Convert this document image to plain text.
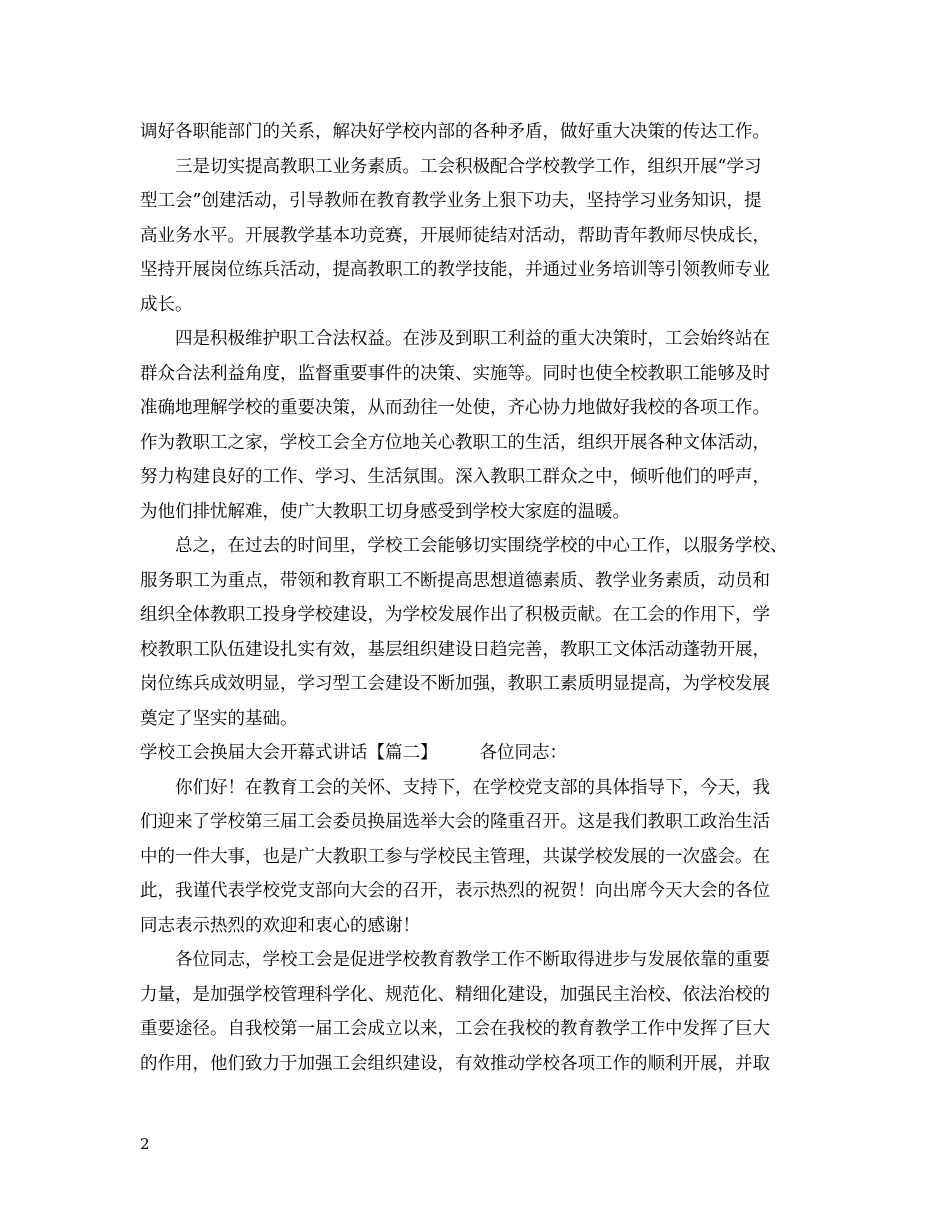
调好各职能部门的关系，解决好学校内部的各种矛盾，做好重大决策的传达工作。
三是切实提高教职工业务素质。工会积极配合学校教学工作，组织开展“学习
型工会”创建活动，引导教师在教育教学业务上狠下功夫，坚持学习业务知识，提
高业务水平。开展教学基本功竞赛，开展师徒结对活动，帮助青年教师尽快成长，
坚持开展岗位练兵活动，提高教职工的教学技能，并通过业务培训等引领教师专业
成长。
四是积极维护职工合法权益。在涉及到职工利益的重大决策时，工会始终站在
群众合法利益角度，监督重要事件的决策、实施等。同时也使全校教职工能够及时
准确地理解学校的重要决策，从而劲往一处使，齐心协力地做好我校的各项工作。
作为教职工之家，学校工会全方位地关心教职工的生活，组织开展各种文体活动，
努力构建良好的工作、学习、生活氛围。深入教职工群众之中，倾听他们的呼声，
为他们排忧解难，使广大教职工切身感受到学校大家庭的温暖。
总之，在过去的时间里，学校工会能够切实围绕学校的中心工作，以服务学校、
服务职工为重点，带领和教育职工不断提高思想道德素质、教学业务素质，动员和
组织全体教职工投身学校建设，为学校发展作出了积极贡献。在工会的作用下，学
校教职工队伍建设扎实有效，基层组织建设日趋完善，教职工文体活动蓬勃开展，
岗位练兵成效明显，学习型工会建设不断加强，教职工素质明显提高，为学校发展
奠定了坚实的基础。
学校工会换届大会开幕式讲话【篇二】 各位同志：
你们好！在教育工会的关怀、支持下，在学校党支部的具体指导下，今天，我
们迎来了学校第三届工会委员换届选举大会的隆重召开。这是我们教职工政治生活
中的一件大事，也是广大教职工参与学校民主管理，共谋学校发展的一次盛会。在
此，我谨代表学校党支部向大会的召开，表示热烈的祝贺！向出席今天大会的各位
同志表示热烈的欢迎和衷心的感谢！
各位同志，学校工会是促进学校教育教学工作不断取得进步与发展依靠的重要
力量，是加强学校管理科学化、规范化、精细化建设，加强民主治校、依法治校的
重要途径。自我校第一届工会成立以来，工会在我校的教育教学工作中发挥了巨大
的作用，他们致力于加强工会组织建设，有效推动学校各项工作的顺利开展，并取
2
